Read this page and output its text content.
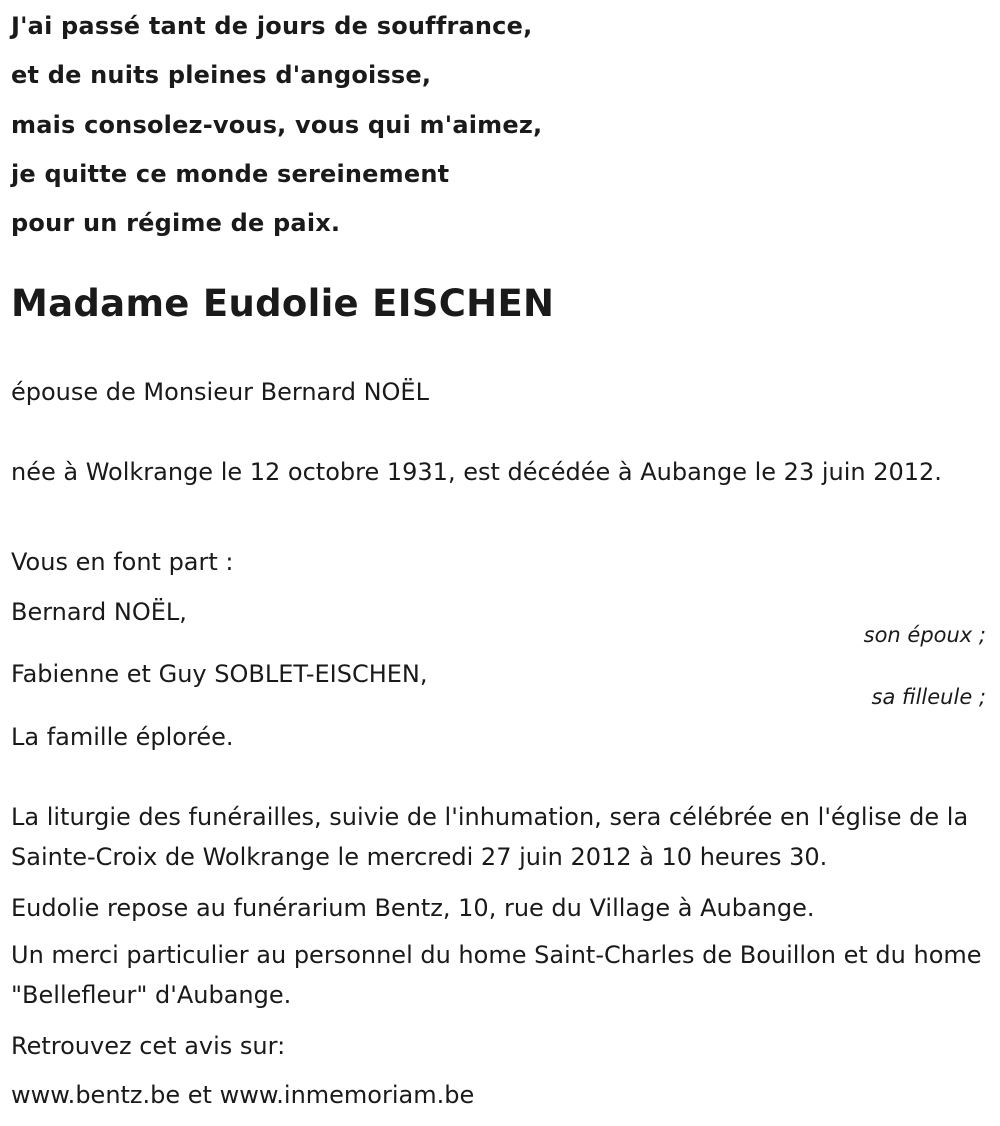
J'ai passé tant de jours de souffrance,
et de nuits pleines d'angoisse,
mais consolez-vous, vous qui m'aimez,
je quitte ce monde sereinement
pour un régime de paix.
Madame Eudolie EISCHEN
épouse de Monsieur Bernard NOËL
née à Wolkrange le 12 octobre 1931, est décédée à Aubange le 23 juin 2012.
Vous en font part :
Bernard NOËL,
son époux ;
Fabienne et Guy SOBLET-EISCHEN,
sa filleule ;
La famille éplorée.
La liturgie des funérailles, suivie de l'inhumation, sera célébrée en l'église de la Sainte-Croix de Wolkrange le mercredi 27 juin 2012 à 10 heures 30.
Eudolie repose au funérarium Bentz, 10, rue du Village à Aubange.
Un merci particulier au personnel du home Saint-Charles de Bouillon et du home "Bellefleur" d'Aubange.
Retrouvez cet avis sur:
www.bentz.be et www.inmemoriam.be
